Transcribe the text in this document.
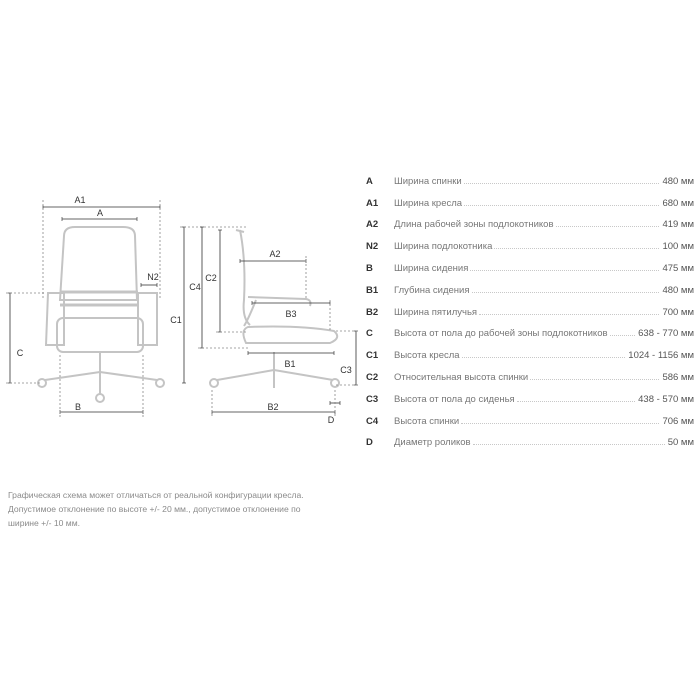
A1
A
N2
C
B
C1
C4
C2
A2
B3
B1
C3
D
B2
A	Ширина спинки	480 мм
A1	Ширина кресла	680 мм
A2	Длина рабочей зоны подлокотников	419 мм
N2	Ширина подлокотника	100 мм
B	Ширина сидения	475 мм
B1	Глубина сидения	480 мм
B2	Ширина пятилучья	700 мм
C	Высота от пола до рабочей зоны подлокотников	638 - 770 мм
C1	Высота кресла	1024 - 1156 мм
C2	Относительная высота спинки	586 мм
C3	Высота от пола до сиденья	438 - 570 мм
C4	Высота спинки	706 мм
D	Диаметр роликов	50 мм

Графическая схема может отличаться от реальной конфигурации кресла.

Допустимое отклонение по высоте +/- 20 мм., допустимое отклонение по

ширине +/- 10 мм.
